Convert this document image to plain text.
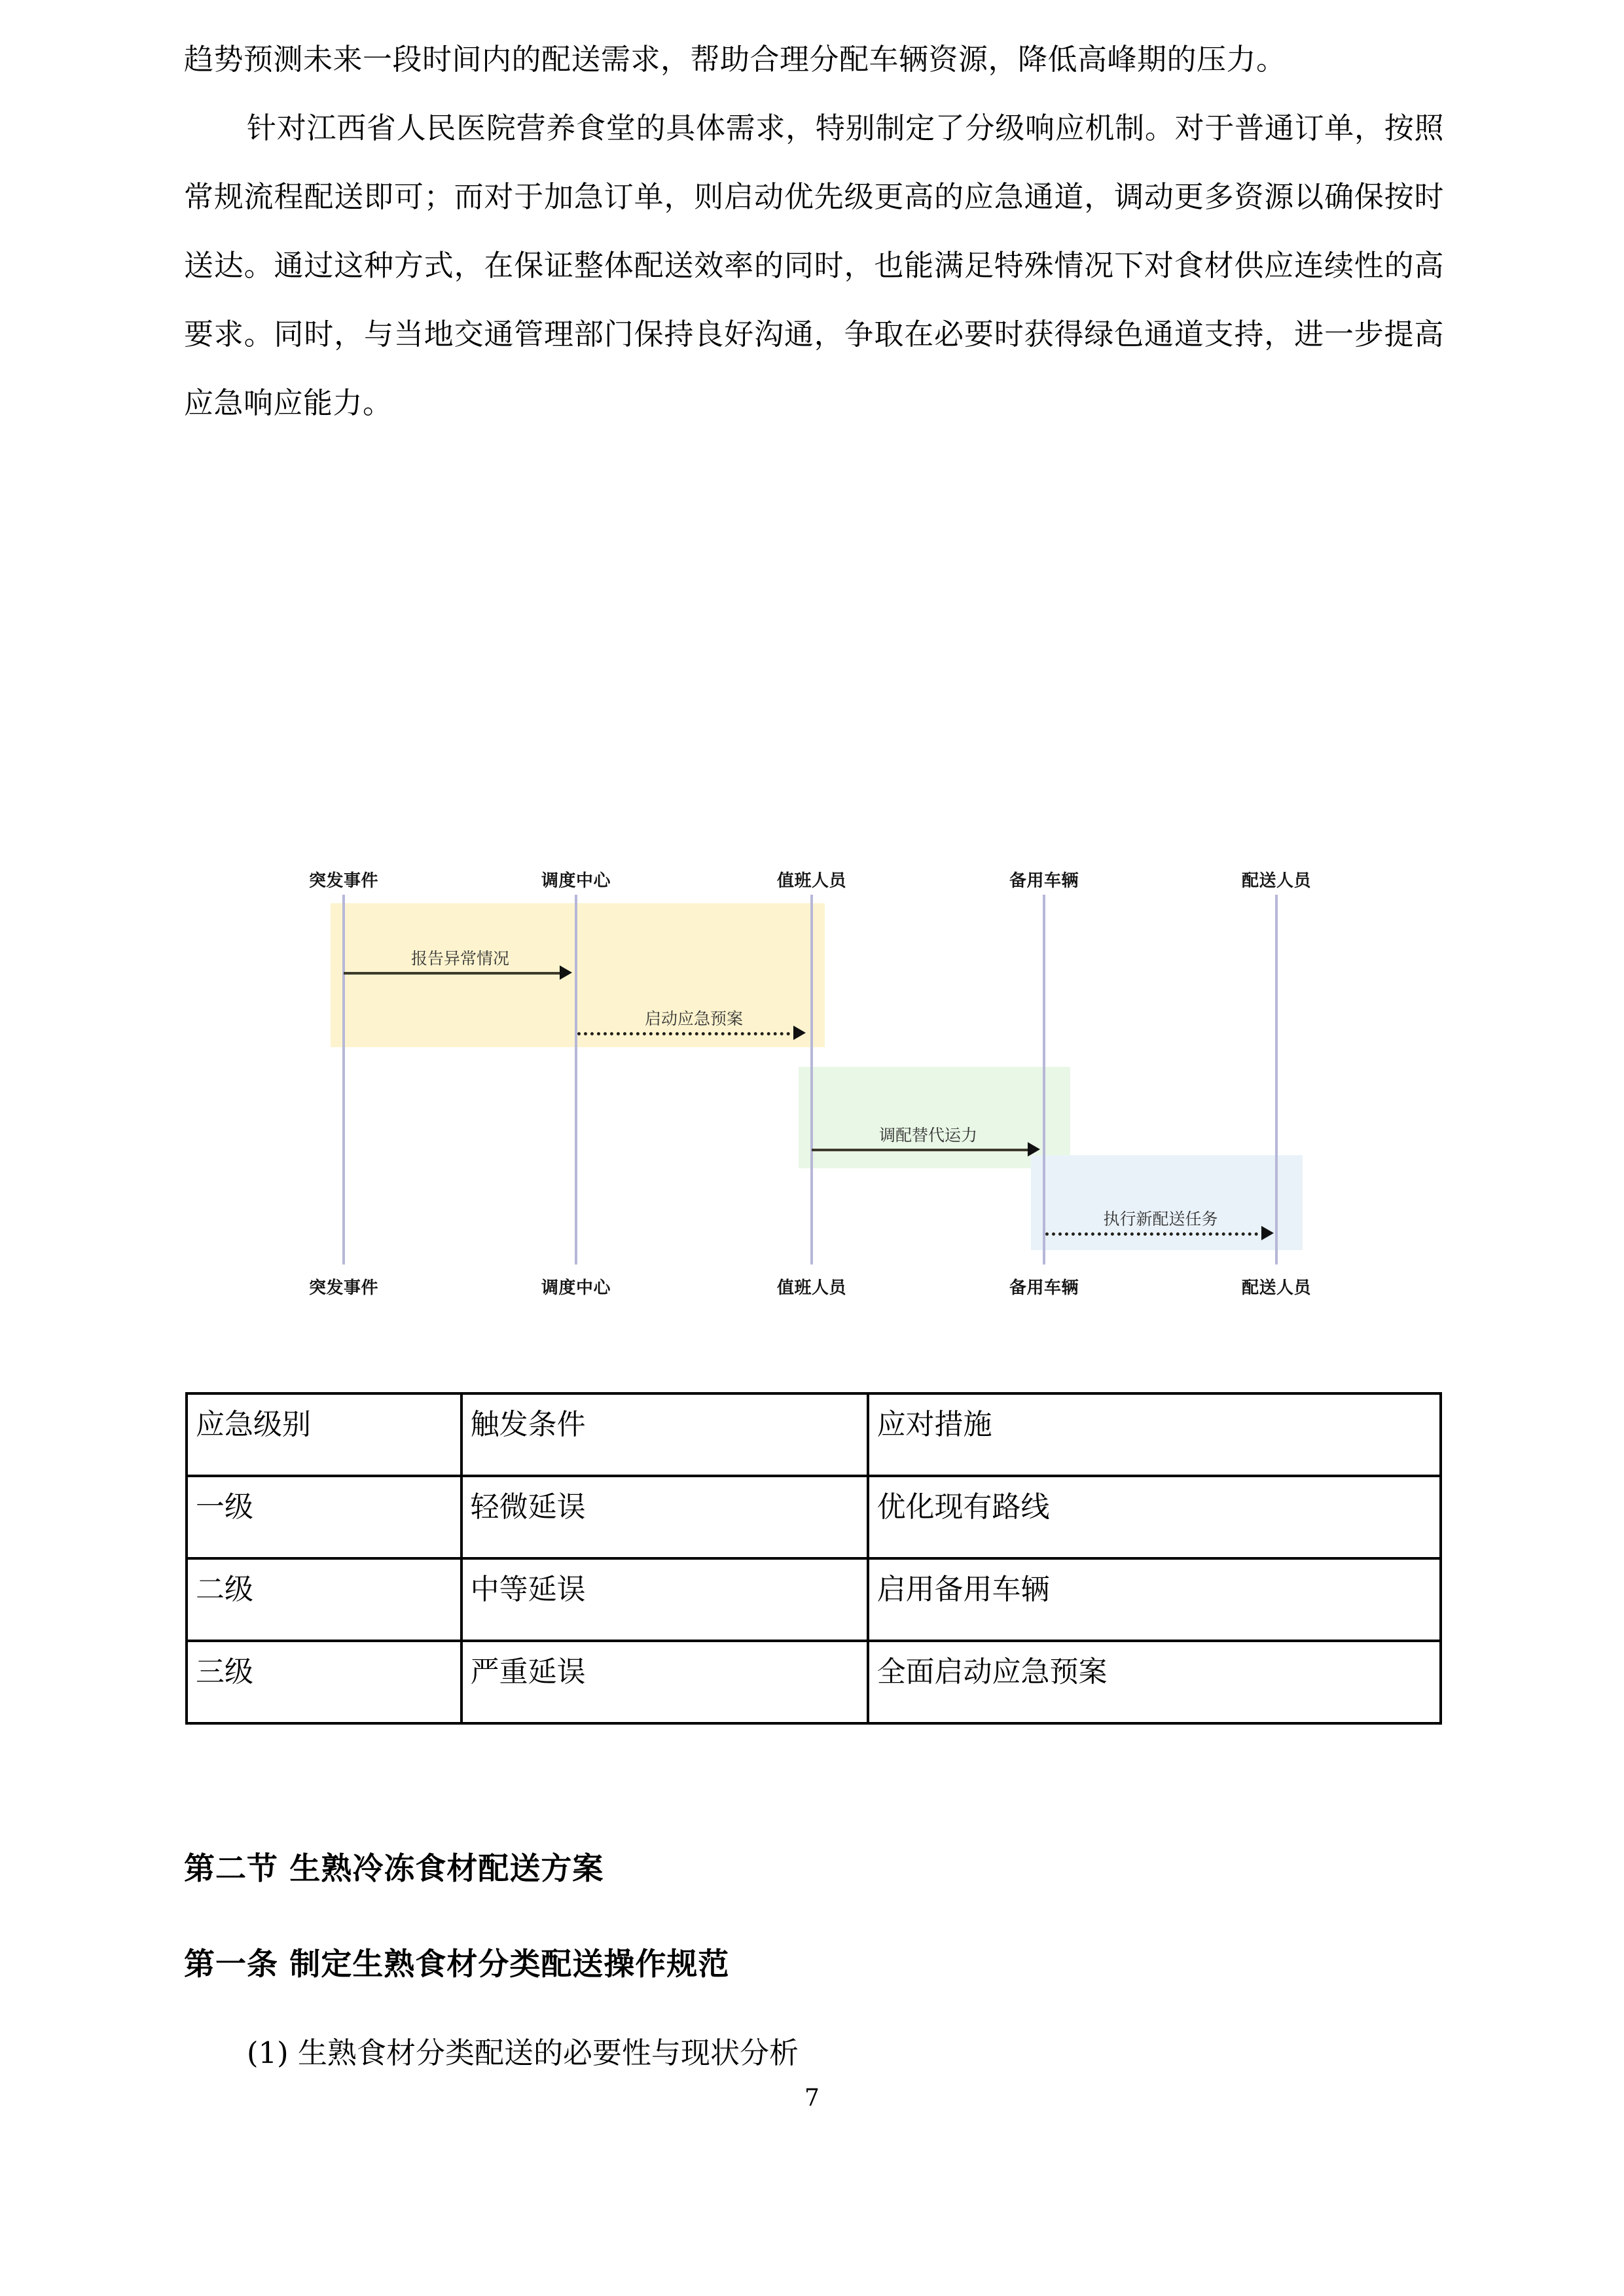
趋势预测未来一段时间内的配送需求，帮助合理分配车辆资源，降低高峰期的压力。

针对江西省人民医院营养食堂的具体需求，特别制定了分级响应机制。对于普通订单，按照常规流程配送即可；而对于加急订单，则启动优先级更高的应急通道，调动更多资源以确保按时送达。通过这种方式，在保证整体配送效率的同时，也能满足特殊情况下对食材供应连续性的高要求。同时，与当地交通管理部门保持良好沟通，争取在必要时获得绿色通道支持，进一步提高应急响应能力。

突发事件	调度中心	值班人员	备用车辆	配送人员
突发事件	调度中心	值班人员	备用车辆	配送人员
报告异常情况
启动应急预案
调配替代运力
执行新配送任务
应急级别	触发条件	应对措施
一级	轻微延误	优化现有路线
二级	中等延误	启用备用车辆
三级	严重延误	全面启动应急预案
第二节 生熟冷冻食材配送方案
第一条 制定生熟食材分类配送操作规范
(1) 生熟食材分类配送的必要性与现状分析
7
